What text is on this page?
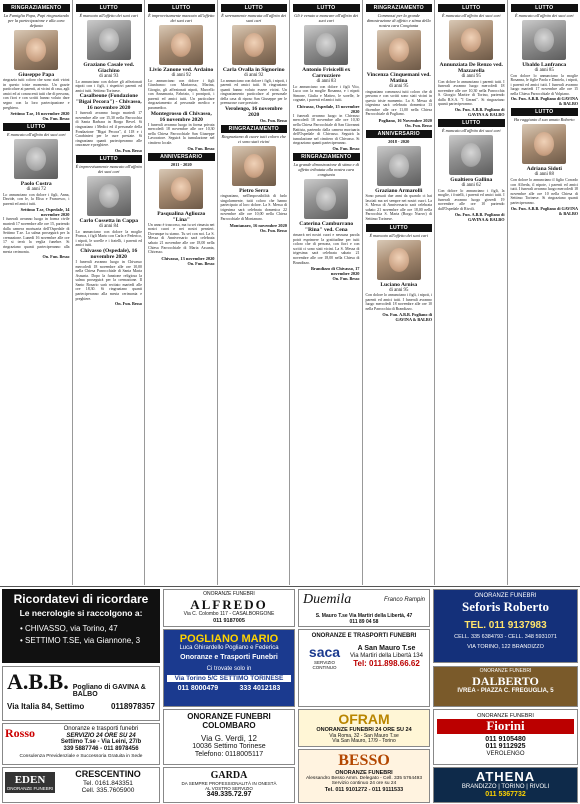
RINGRAZIAMENTO
La Famiglia Papa, Papi ringraziando per la partecipazione e alla cara defunta
Giuseppe Papa
ringrazia tutti coloro che sono stati vicini in questo triste momento. Un grazie particolare ai parenti, ai vicini di casa, agli amici ed ai conoscenti tutti che di persona, con fiori e con scritti hanno voluto dare segno con la loro partecipazione e preghiera.
Settimo T.se, 16 novembre 2020
On. Fun. Besso
LUTTO
E mancato all'affetto dei suoi cari
Paolo Costra
di anni 72
Lo annunciano con dolore i figli, Anna, Davide, con le, la Elisa e Francesco, i parenti ed amici tutti.
Settimo T.se, Ospedale, 14 novembre 2020
I funerali avranno luogo in forma civile martedi 17 novembre alle ore 15, partendo dalla camera mortuaria dell'Ospedale di Settimo T.se. La salma proseguirà per la cremazione. Lunedì 16 novembre alle ore 17 si terrà la veglia funebre. Si ringraziano quanti parteciperanno alla mesta cerimonia.
On. Fun. Besso
LUTTO
È mancato all'affetto dei suoi cari
Graziano Casale ved. Giachino
di anni 93
Lo annunciano con dolore gli affezionati nipoti con i figli, i rispettivi parenti ed amici tutti. Settimo Torinese.
Casalbeone (Fondazione "Bigai Pecora") - Chivasso, 16 novembre 2020
I funerali avranno luogo martedì 17 novembre alle ore 15,30 nella Parrocchia di Santa Barbara in Borgo Revel. Si ringraziano i Medici ed il personale della Fondazione "Bigai Pecora", il 118 e i Carabinieri per le cure prestate. Si ringraziano quanti parteciperanno alle onoranze e preghiere.
On. Fun. Besso
LUTTO
È improvvisamente mancato all'affetto dei suoi cari
Carlo Cossetta in Cappa
di anni 84
Lo annunciano con dolore la moglie Franca, i figli Mario con Carla e Federico, i nipoti, le sorelle e i fratelli, i parenti ed amici tutti.
Chivasso (Ospedale), 16 novembre 2020
I funerali avranno luogo in Chivasso mercoledì 18 novembre alle ore 10,00 nella Chiesa Parrocchiale di Santa Maria Assunta. Dopo la funzione religiosa la salma proseguirà per la cremazione. Il Santo Rosario sarà recitato martedì alle ore 18,30. Si ringraziano quanti parteciperanno alla mesta cerimonia e preghiere.
On. Fun. Besso
LUTTO
È improvvisamente mancato all'affetto dei suoi cari
Livio Zanone ved. Ardaino
di anni 92
Lo annunciano con dolore i figli Gianfranco con Mariarosa, Marina, Giorgio, gli affezionati nipoti, Marcello con Annamaria, Fabrizio, i pronipoti, i parenti ed amici tutti. Un particolare ringraziamento al personale medico e paramedico.
Montegrosso di Chivasso, 16 novembre 2020
I funerali avranno luogo in forma privata mercoledì 18 novembre alle ore 10,30 nella Chiesa Parrocchiale San Giuseppe Lavoratore. Seguirà la tumulazione nel cimitero locale.
On. Fun. Besso
ANNIVERSARIO
2011 - 2020
Pasqualina Agliozzo "Lina"
Un anno è trascorso, ma tu sei rimasta nei nostri cuori e nei nostri pensieri. Dovunque tu siamo. Tu sei con noi. La S. Messa di Anniversario sarà celebrata sabato 21 novembre alle ore 18,00 nella Chiesa Parrocchiale di Maria Assunta, Chivasso.
Chivasso, 13 novembre 2020
On. Fun. Besso
LUTTO
È serenamente mancata all'affetto dei suoi cari
Carla Ovalla in Signorino
di anni 92
Lo annunciano con dolore i figli, i nipoti, i parenti ed amici tutti. Si ringraziano quanti hanno voluto essere vicini. Un ringraziamento particolare al personale della casa di riposo San Giuseppe per le premurose cure prestate.
Verolengo, 16 novembre 2020
On. Fun. Besso
RINGRAZIAMENTO
Ringraziamo di cuore tutti coloro che ci sono stati vicini
Pietro Serra
ringraziano, nell'impossibilità di farlo singolarmente, tutti coloro che hanno partecipato al loro dolore. La S. Messa di trigesima sarà celebrata domenica 22 novembre alle ore 10,00 nella Chiesa Parrocchiale di Montanaro.
Montanaro, 16 novembre 2020
On. Fun. Besso
LUTTO
Gli è venuto a mancare all'affetto dei suoi cari
Antonio Frisicelli ex Carrozziere
di anni 83
Lo annunciano con dolore i figli Vito, Luca con la moglie Rosanna, e i nipoti Simone, Giulia e Matteo, le sorelle, le cognate, i parenti ed amici tutti.
Chivasso, Ospedale, 15 novembre 2020
I funerali avranno luogo in Chivasso mercoledì 18 novembre alle ore 10,30 nella Chiesa Parrocchiale di San Giovanni Battista, partendo dalla camera mortuaria dell'Ospedale di Chivasso. Seguirà la tumulazione nel cimitero di Chivasso. Si ringraziano quanti parteciperanno.
On. Fun. Besso
RINGRAZIAMENTO
La grande dimostrazione di stima e di affetto tributata alla nostra cara congiunta
Caterina Camburrano "Rina" ved. Cena
rimarrà nei nostri cuori e nessuna parola potrà esprimere la gratitudine per tutti coloro che di persona, con fiori e con scritti ci sono stati vicini. La S. Messa di trigesima sarà celebrata sabato 21 novembre alle ore 18,00 nella Chiesa di Brandizzo.
Brandizzo di Chivasso, 17 novembre 2020
On. Fun. Besso
RINGRAZIAMENTO
Commossi per la grande dimostrazione di affetto e stima della nostra cara Congiunta
Vincenza Cinquemani ved. Matina
di anni 95
ringraziano commossi tutti coloro che di persona e con scritti sono stati vicini in questo triste momento. La S. Messa di trigesima sarà celebrata domenica 13 dicembre alle ore 11,00 nella Chiesa Parrocchiale di Pogliano.
Pogliano, 16 Novembre 2020
On. Fun. Besso
ANNIVERSARIO
2018 - 2020
Graziano Armarolli
Sono passati due anni da quando ci hai lasciati ma sei sempre nei nostri cuori. La S. Messa di Anniversario sarà celebrata sabato 21 novembre alle ore 18,00 nella Parrocchia S. Maria (Borgo Nuovo) di Settimo Torinese.
LUTTO
È mancato all'affetto dei suoi cari
Luciano Arnisa
di anni 95
Con dolore lo annunciano i figli, i nipoti, i parenti ed amici tutti. I funerali avranno luogo mercoledì 18 novembre alle ore 10 nella Parrocchia di Brandizzo.
On. Fun. A.B.B. Pogliano di GAVINA & BALBO
LUTTO
È mancata all'affetto dei suoi cari
Annunziata De Renzo ved. Mazzarella
di anni 95
Con dolore lo annunciano i parenti tutti. I funerali avranno luogo mercoledì 18 novembre alle ore 10,30 nella Parrocchia S. Giorgio Martire di Torino, partendo dalla R.S.A. "I Gerani". Si ringraziano quanti parteciperanno.
On. Fun. A.B.B. Pogliano di GAVINA & BALBO
LUTTO
È mancato all'affetto dei suoi cari
Gualtiero Gallina
di anni 62
Con dolore lo annunciano i figli, la moglie, i fratelli, i parenti ed amici tutti. I funerali avranno luogo giovedì 19 novembre alle ore 10 partendo dall'Ospedale di Rivoli.
On. Fun. A.B.B. Pogliano di GAVINA & BALBO
LUTTO
È mancato all'affetto dei suoi cari
Ubaldo Lanfranca
di anni 85
Con dolore lo annunciano la moglie Rosanna, le figlie Paola e Daniela, i nipoti, i parenti ed amici tutti. I funerali avranno luogo martedì 17 novembre alle ore 15 nella Chiesa Parrocchiale di Volpiano.
On. Fun. A.B.B. Pogliano di GAVINA & BALBO
LUTTO
Ha raggiunto il suo amato Roberto
Adriana Sidoti
di anni 88
Con dolore lo annunciano il figlio Corrado con Alfreda, il nipote, i parenti ed amici tutti. I funerali avranno luogo mercoledì 18 novembre alle ore 10 nella Chiesa di Settimo Torinese. Si ringraziano quanti parteciperanno.
On. Fun. A.B.B. Pogliano di GAVINA & BALBO
Ricordatevi di ricordare
Le necrologie si raccolgono a:
• CHIVASSO, via Torino, 47
• SETTIMO T.SE, via Giannone, 3
ONORANZE FUNEBRI
ALFREDO
Via C. Colombo 117 - CASALBORGONE
011 9187005
Duemila	Franco Rampin
S. Mauro T.se Via Martiri della Libertà, 47
011 89 04 58
ONORANZE FUNEBRI
Seforis Roberto
TEL. 011 9137983
CELL. 335 6384793 - CELL. 348 5931071
VIA TORINO, 122 BRANDIZZO
POGLIANO MARIO
Luca Ghirardello Pogliano e Federica
Onoranze e Trasporti Funebri
Ci trovate solo in
Via Torino 5/C SETTIMO TORINESE
011 8000479	333 4012183
ONORANZE E TRASPORTI FUNEBRI
saca
SERVIZIO CONTINUO
A San Mauro T.se
Via Martiri della Libertà 134
Tel: 011.898.66.62
ONORANZE FUNEBRI
DALBERTO
IVREA - PIAZZA C. FREGUGLIA, 5
A.B.B. Pogliano di GAVINA & BALBO
Via Italia 84, Settimo	0118978357
Rosso	Onoranze e trasporti funebri
SERVIZIO 24 ORE SU 24
Settimo T.se - Via Leini, 27/b
339 5887746 - 011 8978456
Consulenza Previdenziale e Successoria Gratuita in Sede
ONORANZE FUNEBRI COLOMBARO
Via G. Verdi, 12
10036 Settimo Torinese
Telefono: 0118005117
OFRAM
ONORANZE FUNEBRI 24 ORE SU 24
Via Roma, 32 - San Mauro T.se
Via San Mauro, 17/9 - Torino
ONORANZE FUNEBRI
Fiorini
011 9105480
011 9112925
VEROLENGO
EDEN
ONORANZE FUNEBRI
CRESCENTINO
Tel. 0161.843351
Cell. 335.7605900
GARDA
DA SEMPRE PROFESSIONALITÀ IN ONESTÀ
AL VOSTRO SERVIZIO
349.335.72.97
BESSO
ONORANZE FUNEBRI
Alessandro Besso Amm. Delegato - Cell. 335 5764493
Servizio continuo 24 ore su 24
Tel. 011 9101272 - 011 9111533
ATHENA
BRANDIZZO | TORINO | RIVOLI
011 5367732
